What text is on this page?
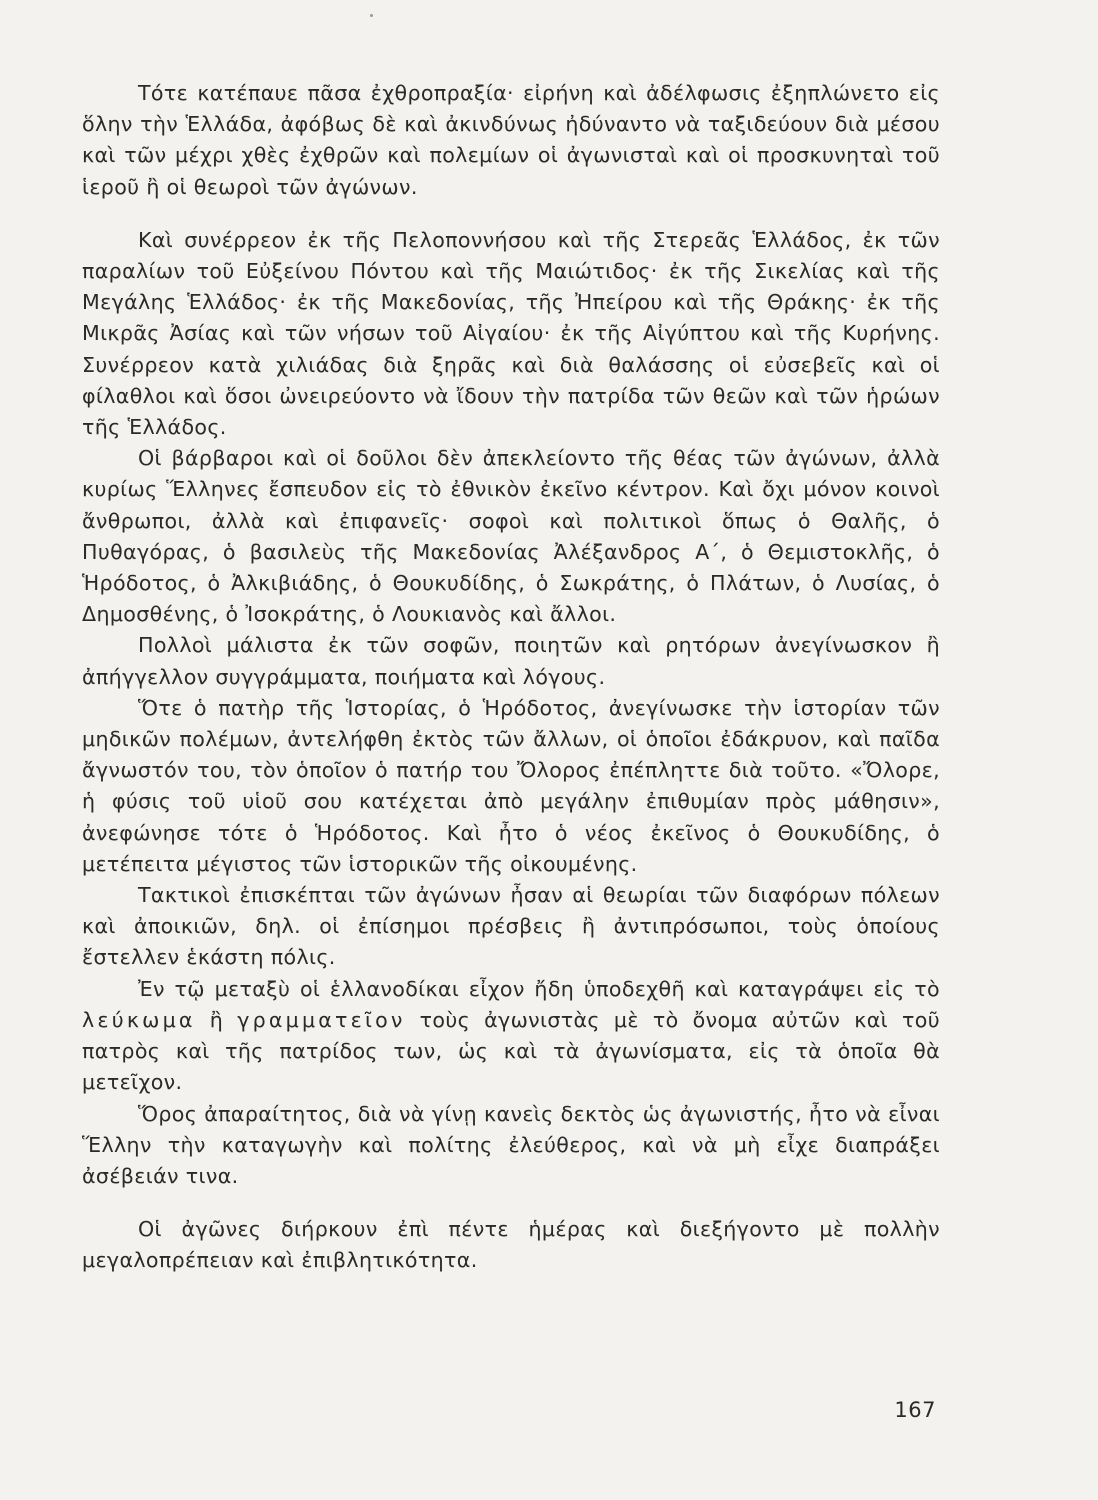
Τότε κατέπαυε πᾶσα ἐχθροπραξία· εἰρήνη καὶ ἀδέλφωσις ἐξηπλώνετο εἰς ὅλην τὴν Ἑλλάδα, ἀφόβως δὲ καὶ ἀκινδύνως ἠδύναντο νὰ ταξιδεύουν διὰ μέσου καὶ τῶν μέχρι χθὲς ἐχθρῶν καὶ πολεμίων οἱ ἀγωνισταὶ καὶ οἱ προσκυνηταὶ τοῦ ἱεροῦ ἢ οἱ θεωροὶ τῶν ἀγώνων.

Καὶ συνέρρεον ἐκ τῆς Πελοποννήσου καὶ τῆς Στερεᾶς Ἑλλάδος, ἐκ τῶν παραλίων τοῦ Εὐξείνου Πόντου καὶ τῆς Μαιώτιδος· ἐκ τῆς Σικελίας καὶ τῆς Μεγάλης Ἑλλάδος· ἐκ τῆς Μακεδονίας, τῆς Ἠπείρου καὶ τῆς Θράκης· ἐκ τῆς Μικρᾶς Ἀσίας καὶ τῶν νήσων τοῦ Αἰγαίου· ἐκ τῆς Αἰγύπτου καὶ τῆς Κυρήνης. Συνέρρεον κατὰ χιλιάδας διὰ ξηρᾶς καὶ διὰ θαλάσσης οἱ εὐσεβεῖς καὶ οἱ φίλαθλοι καὶ ὅσοι ὠνειρεύοντο νὰ ἴδουν τὴν πατρίδα τῶν θεῶν καὶ τῶν ἡρώων τῆς Ἑλλάδος.

Οἱ βάρβαροι καὶ οἱ δοῦλοι δὲν ἀπεκλείοντο τῆς θέας τῶν ἀγώνων, ἀλλὰ κυρίως Ἕλληνες ἔσπευδον εἰς τὸ ἐθνικὸν ἐκεῖνο κέντρον. Καὶ ὄχι μόνον κοινοὶ ἄνθρωποι, ἀλλὰ καὶ ἐπιφανεῖς· σοφοὶ καὶ πολιτικοὶ ὅπως ὁ Θαλῆς, ὁ Πυθαγόρας, ὁ βασιλεὺς τῆς Μακεδονίας Ἀλέξανδρος Α΄, ὁ Θεμιστοκλῆς, ὁ Ἡρόδοτος, ὁ Ἀλκιβιάδης, ὁ Θουκυδίδης, ὁ Σωκράτης, ὁ Πλάτων, ὁ Λυσίας, ὁ Δημοσθένης, ὁ Ἰσοκράτης, ὁ Λουκιανὸς καὶ ἄλλοι.

Πολλοὶ μάλιστα ἐκ τῶν σοφῶν, ποιητῶν καὶ ρητόρων ἀνεγίνωσκον ἢ ἀπήγγελλον συγγράμματα, ποιήματα καὶ λόγους.

Ὅτε ὁ πατὴρ τῆς Ἱστορίας, ὁ Ἡρόδοτος, ἀνεγίνωσκε τὴν ἱστορίαν τῶν μηδικῶν πολέμων, ἀντελήφθη ἐκτὸς τῶν ἄλλων, οἱ ὁποῖοι ἐδάκρυον, καὶ παῖδα ἄγνωστόν του, τὸν ὁποῖον ὁ πατήρ του Ὄλορος ἐπέπληττε διὰ τοῦτο. «Ὄλορε, ἡ φύσις τοῦ υἱοῦ σου κατέχεται ἀπὸ μεγάλην ἐπιθυμίαν πρὸς μάθησιν», ἀνεφώνησε τότε ὁ Ἡρόδοτος. Καὶ ἦτο ὁ νέος ἐκεῖνος ὁ Θουκυδίδης, ὁ μετέπειτα μέγιστος τῶν ἱστορικῶν τῆς οἰκουμένης.

Τακτικοὶ ἐπισκέπται τῶν ἀγώνων ἦσαν αἱ θεωρίαι τῶν διαφόρων πόλεων καὶ ἀποικιῶν, δηλ. οἱ ἐπίσημοι πρέσβεις ἢ ἀντιπρόσωποι, τοὺς ὁποίους ἔστελλεν ἑκάστη πόλις.

Ἐν τῷ μεταξὺ οἱ ἑλλανοδίκαι εἶχον ἤδη ὑποδεχθῆ καὶ καταγράψει εἰς τὸ λεύκωμα ἢ γραμματεῖον τοὺς ἀγωνιστὰς μὲ τὸ ὄνομα αὐτῶν καὶ τοῦ πατρὸς καὶ τῆς πατρίδος των, ὡς καὶ τὰ ἀγωνίσματα, εἰς τὰ ὁποῖα θὰ μετεῖχον.

Ὅρος ἀπαραίτητος, διὰ νὰ γίνῃ κανεὶς δεκτὸς ὡς ἀγωνιστής, ἦτο νὰ εἶναι Ἕλλην τὴν καταγωγὴν καὶ πολίτης ἐλεύθερος, καὶ νὰ μὴ εἶχε διαπράξει ἀσέβειάν τινα.

Οἱ ἀγῶνες διήρκουν ἐπὶ πέντε ἡμέρας καὶ διεξήγοντο μὲ πολλὴν μεγαλοπρέπειαν καὶ ἐπιβλητικότητα.

167
